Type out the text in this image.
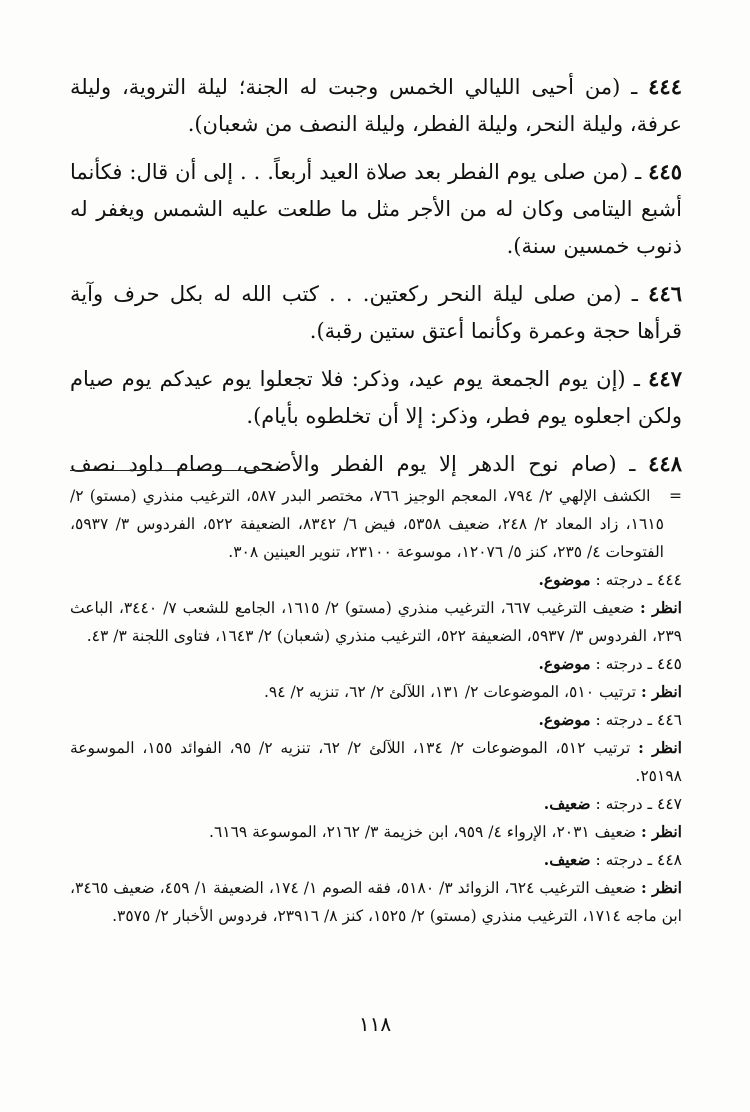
٤٤٤ ـ (من أحيى الليالي الخمس وجبت له الجنة؛ ليلة التروية، وليلة عرفة، وليلة النحر، وليلة الفطر، وليلة النصف من شعبان).

٤٤٥ ـ (من صلى يوم الفطر بعد صلاة العيد أربعاً. . . إلى أن قال: فكأنما أشبع اليتامى وكان له من الأجر مثل ما طلعت عليه الشمس ويغفر له ذنوب خمسين سنة).

٤٤٦ ـ (من صلى ليلة النحر ركعتين. . . كتب الله له بكل حرف وآية قرأها حجة وعمرة وكأنما أعتق ستين رقبة).

٤٤٧ ـ (إن يوم الجمعة يوم عيد، وذكر: فلا تجعلوا يوم عيدكم يوم صيام ولكن اجعلوه يوم فطر، وذكر: إلا أن تخلطوه بأيام).

٤٤٨ ـ (صام نوح الدهر إلا يوم الفطر والأضحى، وصام داود نصف

=   الكشف الإلهي ٢/ ٧٩٤، المعجم الوجيز ٧٦٦، مختصر البدر ٥٨٧، الترغيب منذري (مستو) ٢/ ١٦١٥، زاد المعاد ٢/ ٢٤٨، ضعيف ٥٣٥٨، فيض ٦/ ٨٣٤٢، الضعيفة ٥٢٢، الفردوس ٣/ ٥٩٣٧، الفتوحات ٤/ ٢٣٥، كنز ٥/ ١٢٠٧٦، موسوعة ٢٣١٠٠، تنوير العينين ٣٠٨.

٤٤٤ ـ درجته : موضوع.

انظر : ضعيف الترغيب ٦٦٧، الترغيب منذري (مستو) ٢/ ١٦١٥، الجامع للشعب ٧/ ٣٤٤٠، الباعث ٢٣٩، الفردوس ٣/ ٥٩٣٧، الضعيفة ٥٢٢، الترغيب منذري (شعبان) ٢/ ١٦٤٣، فتاوى اللجنة ٣/ ٤٣.

٤٤٥ ـ درجته : موضوع.

انظر : ترتيب ٥١٠، الموضوعات ٢/ ١٣١، اللآلئ ٢/ ٦٢، تنزيه ٢/ ٩٤.

٤٤٦ ـ درجته : موضوع.

انظر : ترتيب ٥١٢، الموضوعات ٢/ ١٣٤، اللآلئ ٢/ ٦٢، تنزيه ٢/ ٩٥، الفوائد ١٥٥، الموسوعة ٢٥١٩٨.

٤٤٧ ـ درجته : ضعيف.

انظر : ضعيف ٢٠٣١، الإرواء ٤/ ٩٥٩، ابن خزيمة ٣/ ٢١٦٢، الموسوعة ٦١٦٩.

٤٤٨ ـ درجته : ضعيف.

انظر : ضعيف الترغيب ٦٢٤، الزوائد ٣/ ٥١٨٠، فقه الصوم ١/ ١٧٤، الضعيفة ١/ ٤٥٩، ضعيف ٣٤٦٥، ابن ماجه ١٧١٤، الترغيب منذري (مستو) ٢/ ١٥٢٥، كنز ٨/ ٢٣٩١٦، فردوس الأخبار ٢/ ٣٥٧٥.

١١٨
